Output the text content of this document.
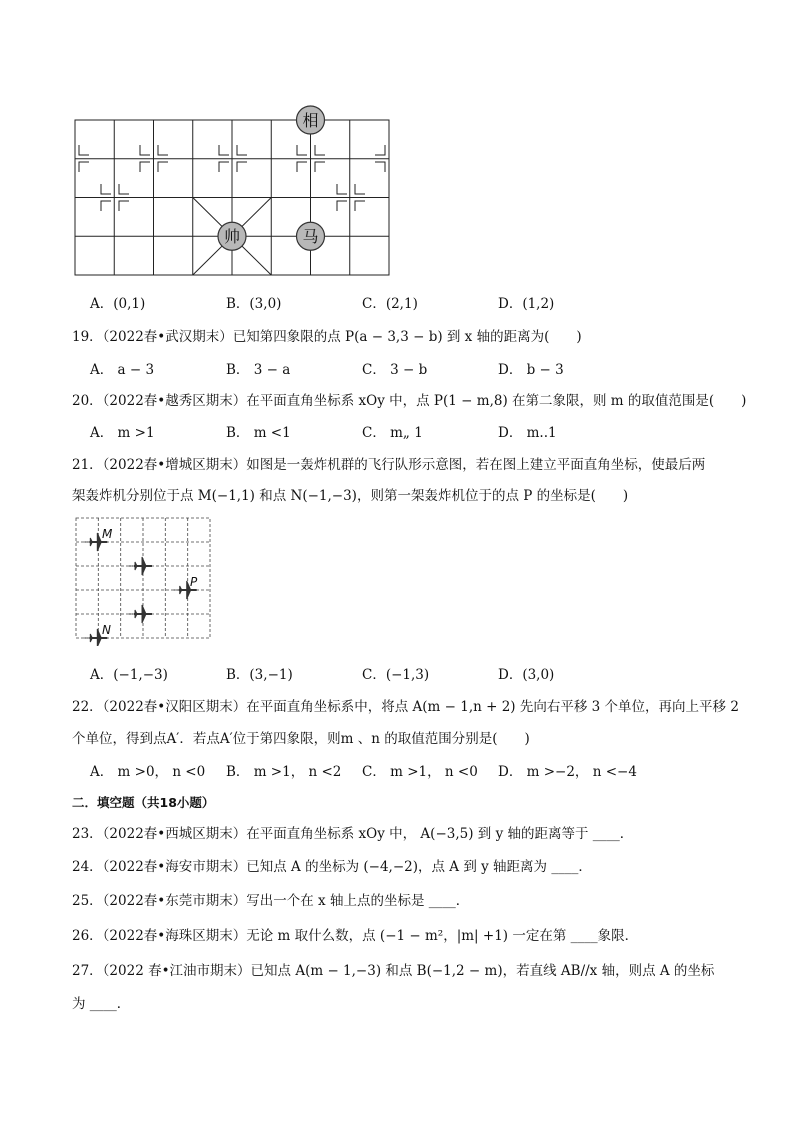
相
帅	马
A．(0,1)	B．(3,0)	C．(2,1)	D．(1,2)
19．（2022春•武汉期末）已知第四象限的点 P(a − 3,3 − b) 到 x 轴的距离为(　　)
A． a − 3	B． 3 − a	C． 3 − b	D． b − 3
20．（2022春•越秀区期末）在平面直角坐标系 xOy 中，点 P(1 − m,8) 在第二象限，则 m 的取值范围是(　　)
A． m >1	B． m <1	C． m„ 1	D． m..1
21．（2022春•增城区期末）如图是一轰炸机群的飞行队形示意图，若在图上建立平面直角坐标，使最后两
架轰炸机分别位于点 M(−1,1) 和点 N(−1,−3)，则第一架轰炸机位于的点 P 的坐标是(　　)
M
P
N
A．(−1,−3)	B．(3,−1)	C．(−1,3)	D．(3,0)
22．（2022春•汉阳区期末）在平面直角坐标系中，将点 A(m − 1,n + 2) 先向右平移 3 个单位，再向上平移 2
个单位，得到点A′．若点A′位于第四象限，则m 、n 的取值范围分别是(　　)
A． m >0， n <0 B． m >1， n <2 C． m >1， n <0 D． m >−2， n <−4
二．填空题（共18小题）
23．（2022春•西城区期末）在平面直角坐标系 xOy 中， A(−3,5) 到 y 轴的距离等于 ____．
24．（2022春•海安市期末）已知点 A 的坐标为 (−4,−2)，点 A 到 y 轴距离为 ____．
25．（2022春•东莞市期末）写出一个在 x 轴上点的坐标是 ____．
26．（2022春•海珠区期末）无论 m 取什么数，点 (−1 − m²，|m| +1) 一定在第 ____象限．
27．（2022 春•江油市期末）已知点 A(m − 1,−3) 和点 B(−1,2 − m)，若直线 AB//x 轴，则点 A 的坐标
为 ____．
